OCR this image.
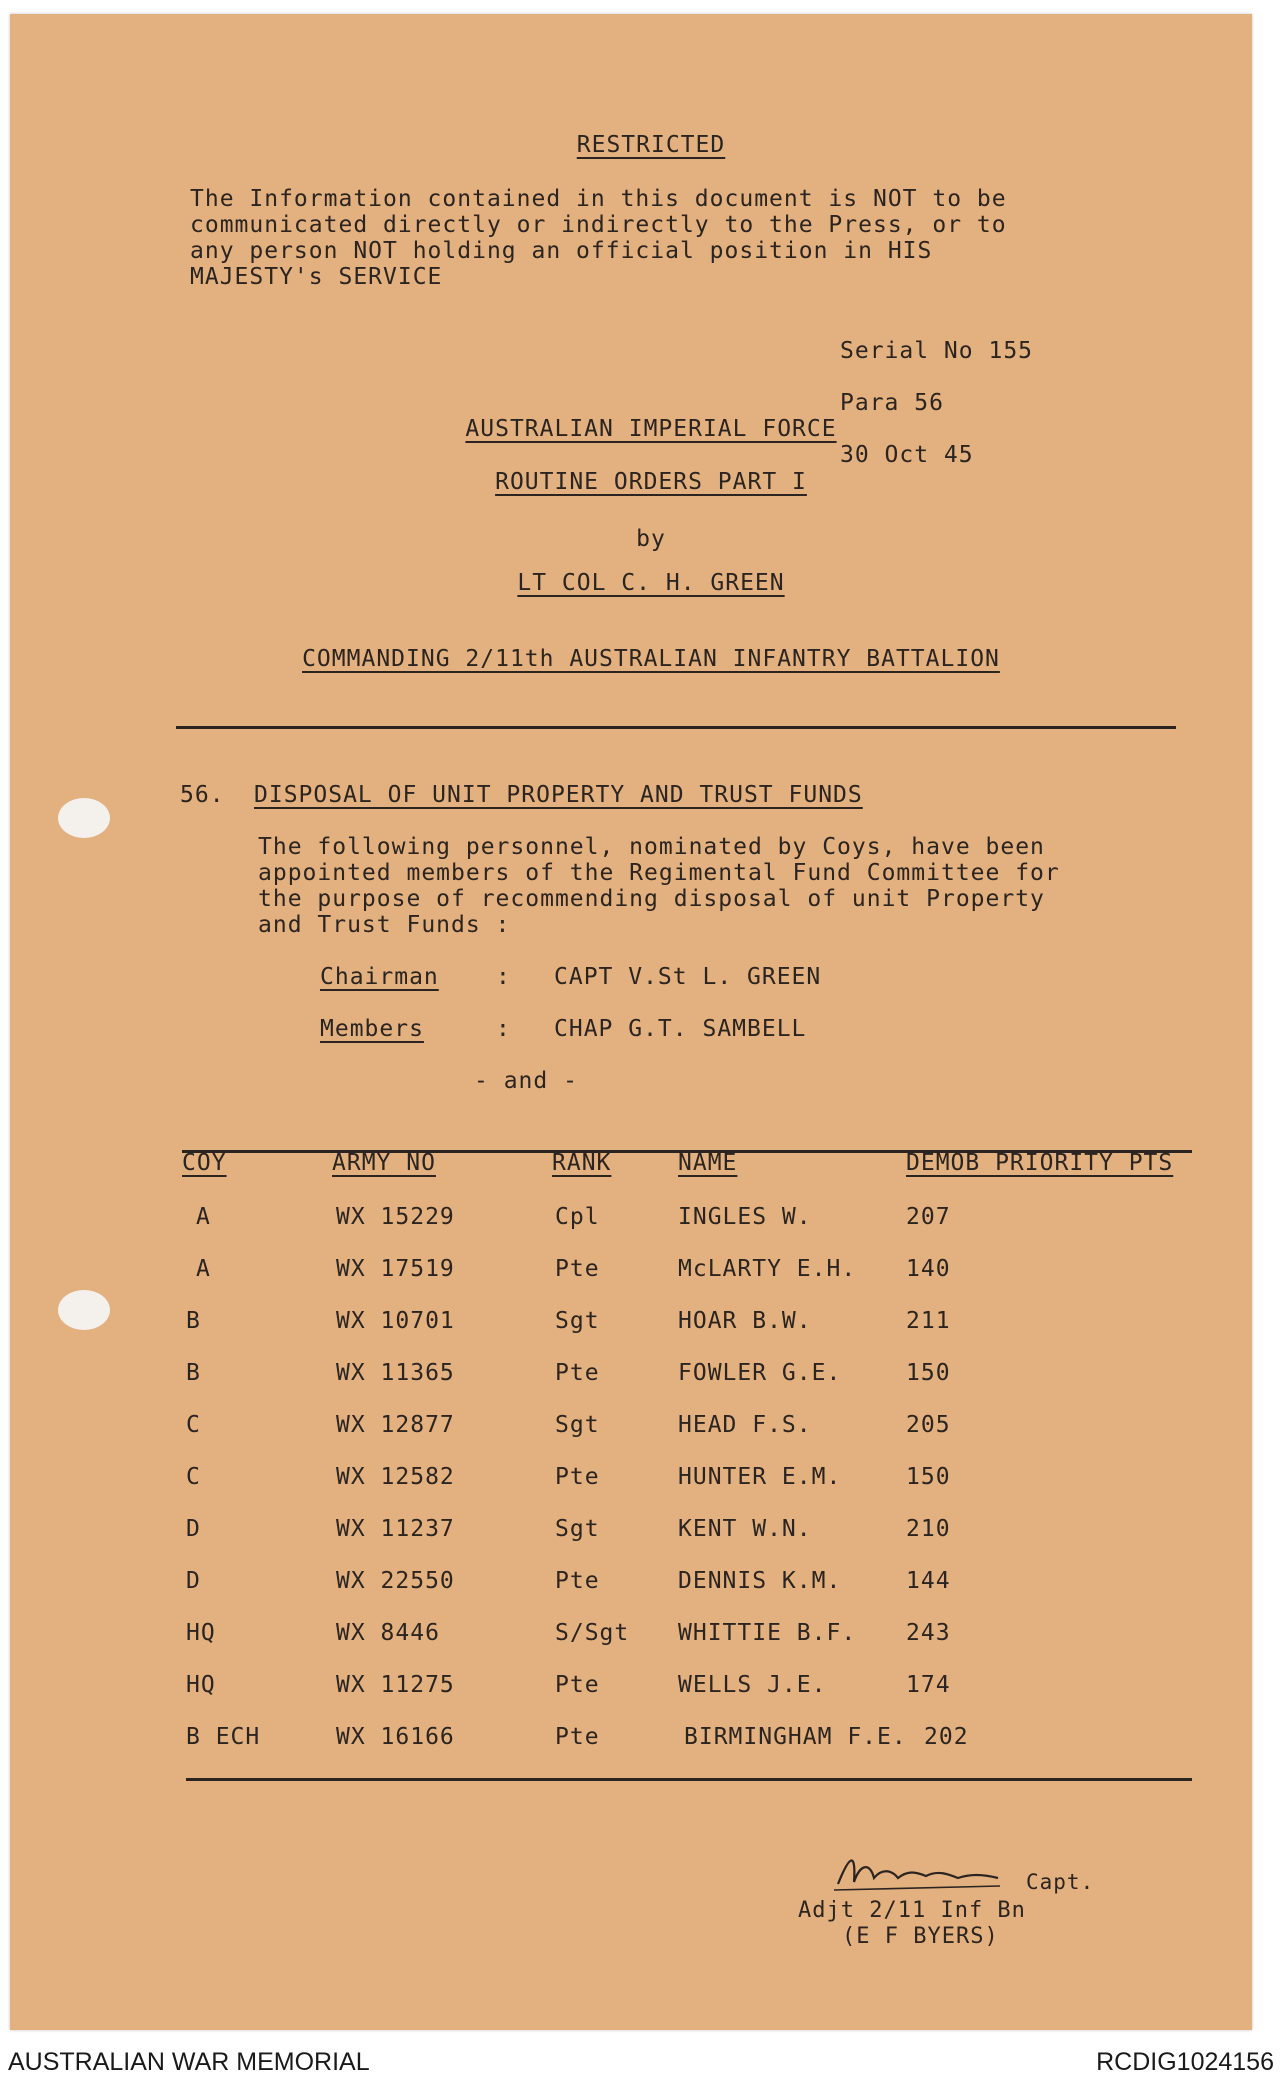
RESTRICTED
The Information contained in this document is NOT to be
communicated directly or indirectly to the Press, or to
any person NOT holding an official position in HIS
MAJESTY's SERVICE

Serial No 155

Para 56

30 Oct 45

AUSTRALIAN IMPERIAL FORCE
ROUTINE ORDERS PART I
by
LT COL C. H. GREEN
COMMANDING 2/11th AUSTRALIAN INFANTRY BATTALION
56. DISPOSAL OF UNIT PROPERTY AND TRUST FUNDS
The following personnel, nominated by Coys, have been
appointed members of the Regimental Fund Committee for
the purpose of recommending disposal of unit Property
and Trust Funds :
Chairman : CAPT V.St L. GREEN
Members	: CHAP G.T. SAMBELL
- and -
COY	ARMY NO	RANK	NAME	DEMOB PRIORITY PTS
A	WX 15229	Cpl	INGLES W.	207
A	WX 17519	Pte	McLARTY E.H. 140
B	WX 10701	Sgt	HOAR B.W.	211
B	WX 11365	Pte	FOWLER G.E.	150
C	WX 12877	Sgt	HEAD F.S.	205
C	WX 12582	Pte	HUNTER E.M.	150
D	WX 11237	Sgt	KENT W.N.	210
D	WX 22550	Pte	DENNIS K.M.	144
HQ	WX 8446	S/Sgt WHITTIE B.F. 243
HQ	WX 11275	Pte	WELLS J.E.	174
B ECH	WX 16166	Pte	BIRMINGHAM F.E. 202
Capt.
Adjt 2/11 Inf Bn
(E F BYERS)
AUSTRALIAN WAR MEMORIAL	RCDIG1024156
